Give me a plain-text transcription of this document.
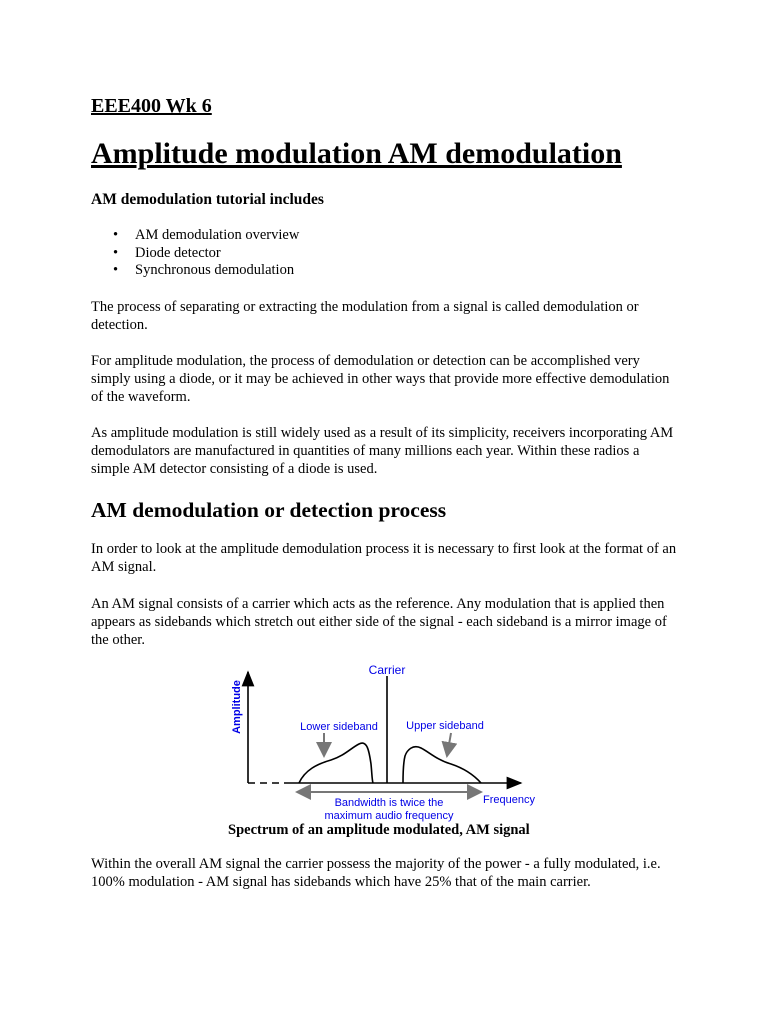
EEE400 Wk 6

Amplitude modulation AM demodulation

AM demodulation tutorial includes

• AM demodulation overview
• Diode detector
• Synchronous demodulation

The process of separating or extracting the modulation from a signal is called demodulation or detection.

For amplitude modulation, the process of demodulation or detection can be accomplished very simply using a diode, or it may be achieved in other ways that provide more effective demodulation of the waveform.

As amplitude modulation is still widely used as a result of its simplicity, receivers incorporating AM demodulators are manufactured in quantities of many millions each year. Within these radios a simple AM detector consisting of a diode is used.

AM demodulation or detection process

In order to look at the amplitude demodulation process it is necessary to first look at the format of an AM signal.

An AM signal consists of a carrier which acts as the reference. Any modulation that is applied then appears as sidebands which stretch out either side of the signal - each sideband is a mirror image of the other.

Spectrum of an amplitude modulated, AM signal

Within the overall AM signal the carrier possess the majority of the power - a fully modulated, i.e. 100% modulation - AM signal has sidebands which have 25% that of the main carrier.

Carrier
Amplitude	Lower sideband	Upper sideband
Frequency
Bandwidth is twice the
maximum audio frequency
